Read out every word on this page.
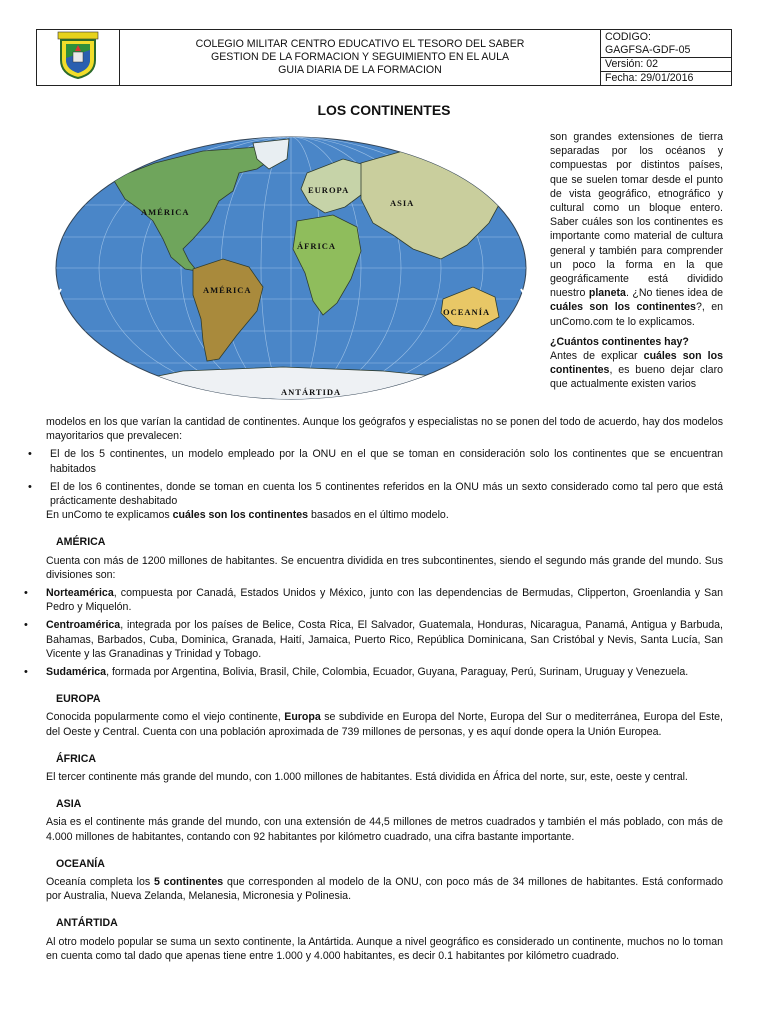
COLEGIO MILITAR CENTRO EDUCATIVO EL TESORO DEL SABER
GESTION DE LA FORMACION Y SEGUIMIENTO EN EL AULA
GUIA DIARIA DE LA FORMACION

CODIGO:
GAGFSA-GDF-05
Versión: 02
Fecha: 29/01/2016
LOS CONTINENTES
AMÉRICA
EUROPA
ASIA
ÁFRICA
AMÉRICA
OCEANÍA
ANTÁRTIDA

son grandes extensiones de tierra separadas por los océanos y compuestas por distintos países, que se suelen tomar desde el punto de vista geográfico, etnográfico y cultural como un bloque entero. Saber cuáles son los continentes es importante como material de cultura general y también para comprender un poco la forma en la que geográficamente está dividido nuestro planeta. ¿No tienes idea de cuáles son los continentes?, en unComo.com te lo explicamos.

¿Cuántos continentes hay?

Antes de explicar cuáles son los continentes, es bueno dejar claro que actualmente existen varios

modelos en los que varían la cantidad de continentes. Aunque los geógrafos y especialistas no se ponen del todo de acuerdo, hay dos modelos mayoritarios que prevalecen:

• El de los 5 continentes, un modelo empleado por la ONU en el que se toman en consideración solo los continentes que se encuentran habitados
• El de los 6 continentes, donde se toman en cuenta los 5 continentes referidos en la ONU más un sexto considerado como tal pero que está prácticamente deshabitado

En unComo te explicamos cuáles son los continentes basados en el último modelo.

AMÉRICA

Cuenta con más de 1200 millones de habitantes. Se encuentra dividida en tres subcontinentes, siendo el segundo más grande del mundo. Sus divisiones son:

• Norteamérica, compuesta por Canadá, Estados Unidos y México, junto con las dependencias de Bermudas, Clipperton, Groenlandia y San Pedro y Miquelón.
• Centroamérica, integrada por los países de Belice, Costa Rica, El Salvador, Guatemala, Honduras, Nicaragua, Panamá, Antigua y Barbuda, Bahamas, Barbados, Cuba, Dominica, Granada, Haití, Jamaica, Puerto Rico, República Dominicana, San Cristóbal y Nevis, Santa Lucía, San Vicente y las Granadinas y Trinidad y Tobago.
• Sudamérica, formada por Argentina, Bolivia, Brasil, Chile, Colombia, Ecuador, Guyana, Paraguay, Perú, Surinam, Uruguay y Venezuela.
EUROPA

Conocida popularmente como el viejo continente, Europa se subdivide en Europa del Norte, Europa del Sur o mediterránea, Europa del Este, del Oeste y Central. Cuenta con una población aproximada de 739 millones de personas, y es aquí donde opera la Unión Europea.

ÁFRICA

El tercer continente más grande del mundo, con 1.000 millones de habitantes. Está dividida en África del norte, sur, este, oeste y central.

ASIA

Asia es el continente más grande del mundo, con una extensión de 44,5 millones de metros cuadrados y también el más poblado, con más de 4.000 millones de habitantes, contando con 92 habitantes por kilómetro cuadrado, una cifra bastante importante.

OCEANÍA

Oceanía completa los 5 continentes que corresponden al modelo de la ONU, con poco más de 34 millones de habitantes. Está conformado por Australia, Nueva Zelanda, Melanesia, Micronesia y Polinesia.

ANTÁRTIDA

Al otro modelo popular se suma un sexto continente, la Antártida. Aunque a nivel geográfico es considerado un continente, muchos no lo toman en cuenta como tal dado que apenas tiene entre 1.000 y 4.000 habitantes, es decir 0.1 habitantes por kilómetro cuadrado.
